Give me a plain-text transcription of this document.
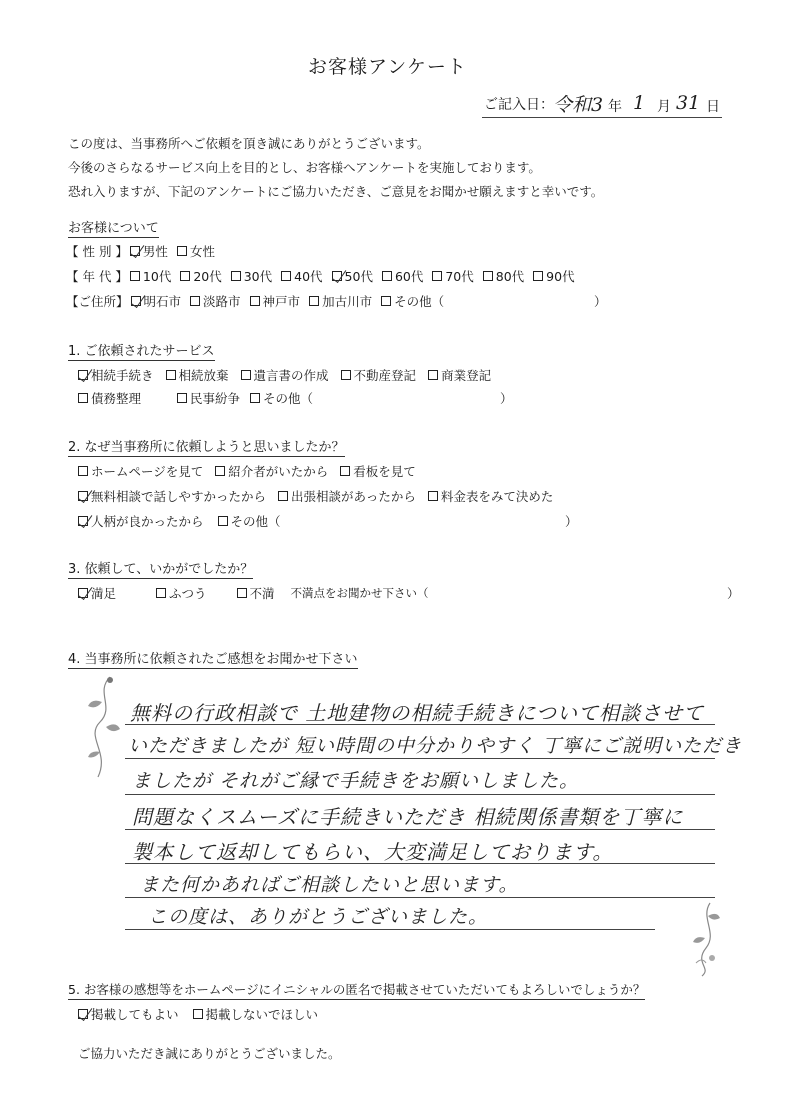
お客様アンケート
ご記入日： 令和3 年 1 月 31 日
この度は、当事務所へご依頼を頂き誠にありがとうございます。
今後のさらなるサービス向上を目的とし、お客様へアンケートを実施しております。
恐れ入りますが、下記のアンケートにご協力いただき、ご意見をお聞かせ願えますと幸いです。
お客様について
【 性 別 】 男性 女性
【 年 代 】 10代 20代 30代 40代 50代 60代 70代 80代 90代
【ご住所】 明石市 淡路市 神戸市 加古川市 その他（	）
1. ご依頼されたサービス
相続手続き 相続放棄 遺言書の作成 不動産登記 商業登記
債務整理	民事紛争 その他（	）
2. なぜ当事務所に依頼しようと思いましたか？
ホームページを見て 紹介者がいたから 看板を見て
無料相談で話しやすかったから 出張相談があったから 料金表をみて決めた
人柄が良かったから その他（	）
3. 依頼して、いかがでしたか？
満足	ふつう	不満 不満点をお聞かせ下さい（	）
4. 当事務所に依頼されたご感想をお聞かせ下さい
無料の行政相談で 土地建物の相続手続きについて相談させて
いただきましたが 短い時間の中分かりやすく 丁寧にご説明いただき
ましたが それがご縁で手続きをお願いしました。
問題なくスムーズに手続きいただき 相続関係書類を丁寧に
製本して返却してもらい、大変満足しております。
また何かあればご相談したいと思います。
この度は、ありがとうございました。
5. お客様の感想等をホームページにイニシャルの匿名で掲載させていただいてもよろしいでしょうか？
掲載してもよい 掲載しないでほしい
ご協力いただき誠にありがとうございました。
